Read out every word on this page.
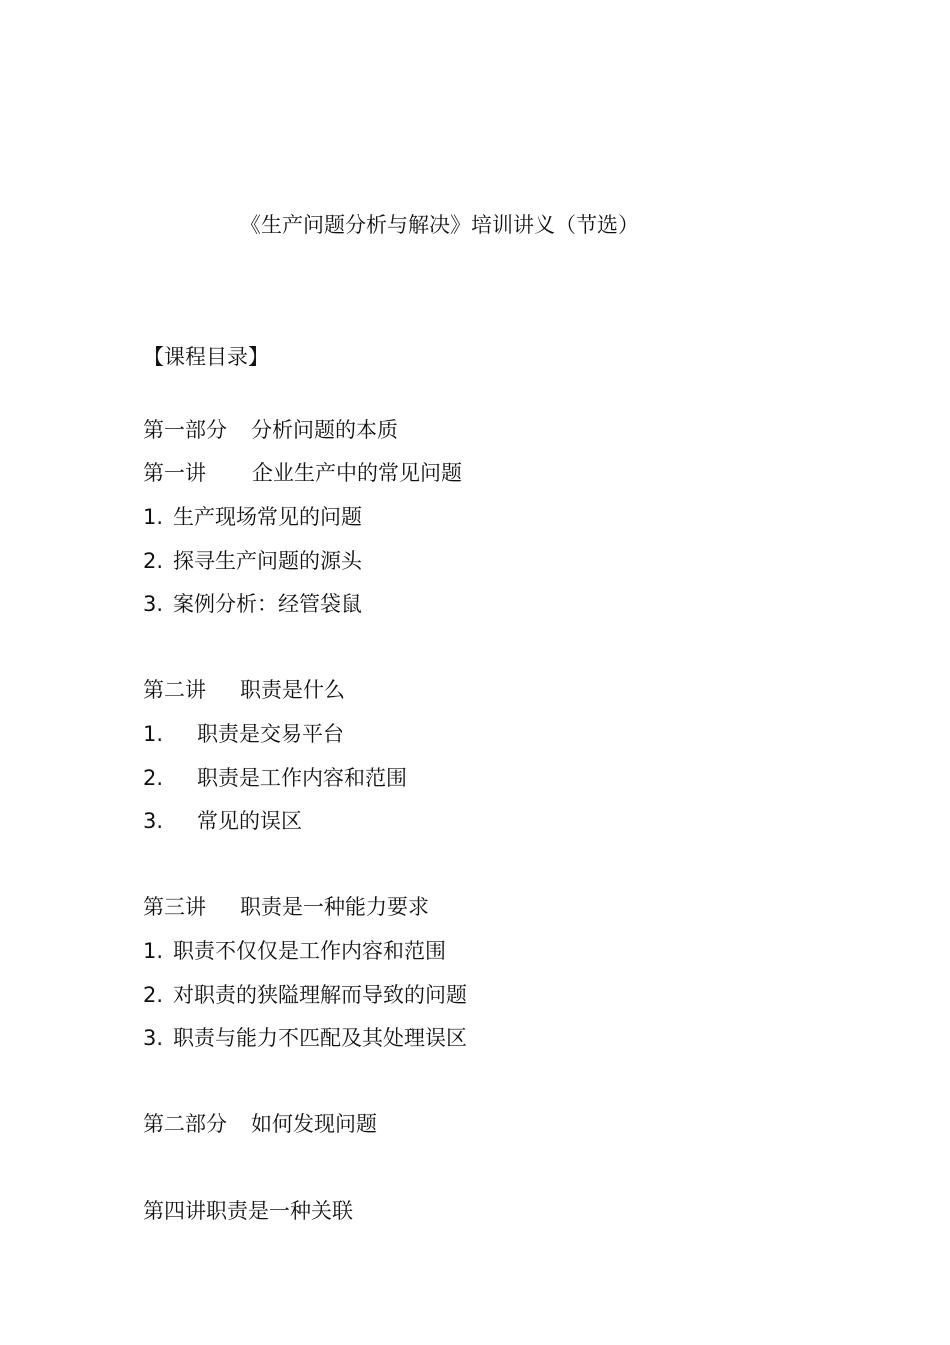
《生产问题分析与解决》培训讲义（节选）
【课程目录】
第一部分 分析问题的本质
第一讲 企业生产中的常见问题
1. 生产现场常见的问题
2. 探寻生产问题的源头
3. 案例分析：经管袋鼠
第二讲 职责是什么
1. 职责是交易平台
2. 职责是工作内容和范围
3. 常见的误区
第三讲 职责是一种能力要求
1. 职责不仅仅是工作内容和范围
2. 对职责的狭隘理解而导致的问题
3. 职责与能力不匹配及其处理误区
第二部分 如何发现问题
第四讲职责是一种关联
